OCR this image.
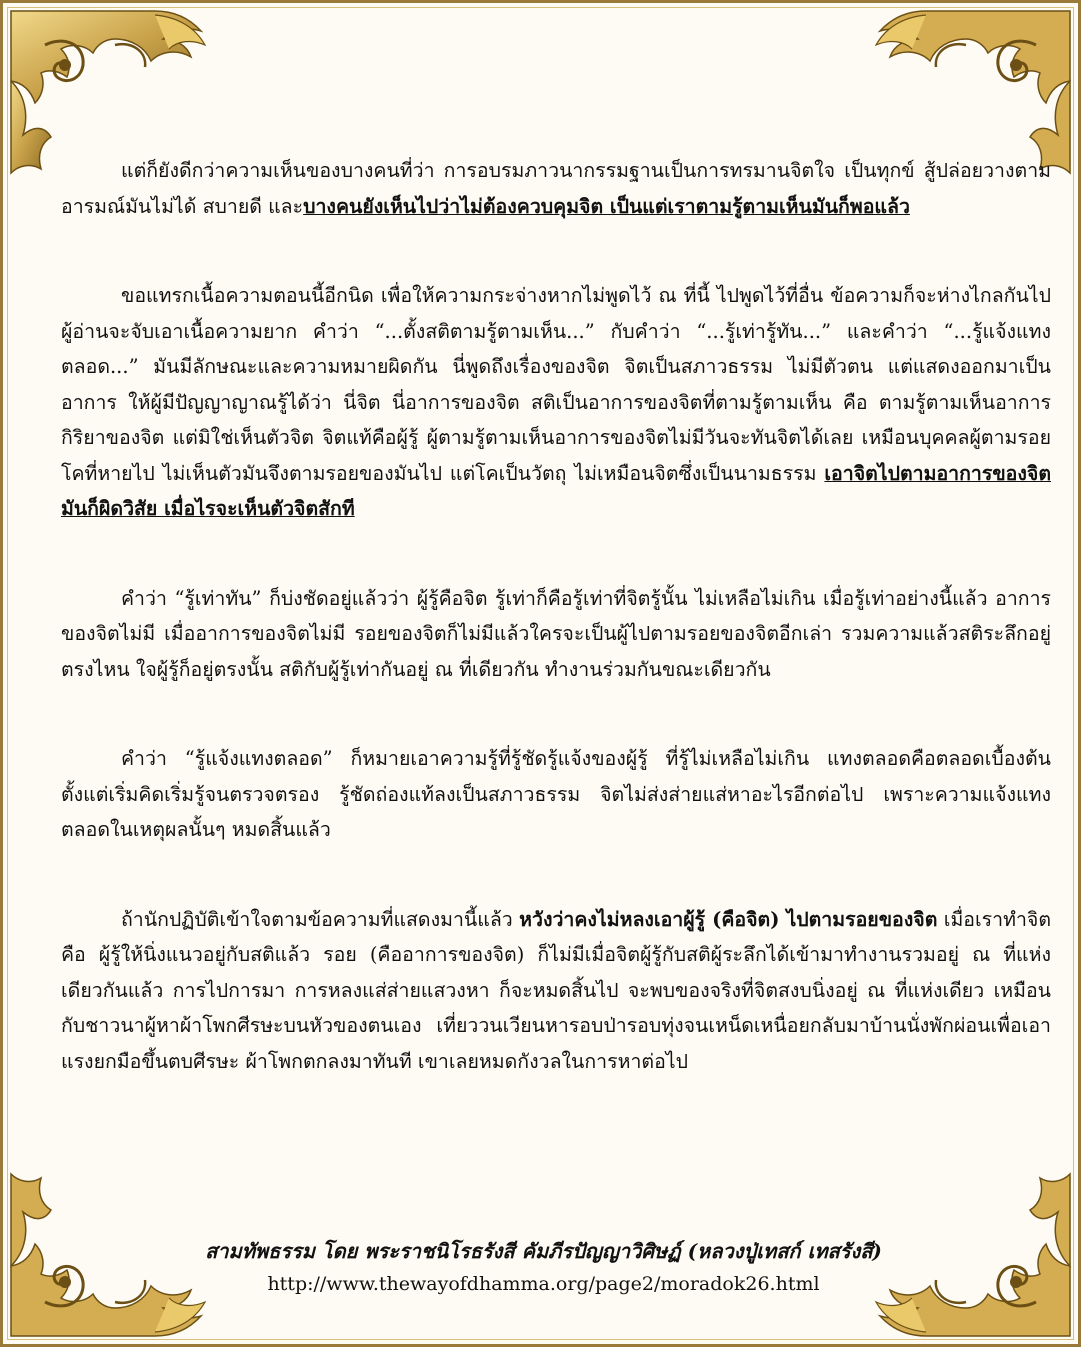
แต่ก็ยังดีกว่าความเห็นของบางคนที่ว่า การอบรมภาวนากรรมฐานเป็นการทรมานจิตใจ เป็นทุกข์ สู้ปล่อยวางตามอารมณ์มันไม่ได้ สบายดี และบางคนยังเห็นไปว่าไม่ต้องควบคุมจิต เป็นแต่เราตามรู้ตามเห็นมันก็พอแล้ว

ขอแทรกเนื้อความตอนนี้อีกนิด เพื่อให้ความกระจ่างหากไม่พูดไว้ ณ ที่นี้ ไปพูดไว้ที่อื่น ข้อความก็จะห่างไกลกันไป ผู้อ่านจะจับเอาเนื้อความยาก คำว่า “...ตั้งสติตามรู้ตามเห็น...” กับคำว่า “...รู้เท่ารู้ทัน...” และคำว่า “...รู้แจ้งแทงตลอด...” มันมีลักษณะและความหมายผิดกัน นี่พูดถึงเรื่องของจิต จิตเป็นสภาวธรรม ไม่มีตัวตน แต่แสดงออกมาเป็นอาการ ให้ผู้มีปัญญาญาณรู้ได้ว่า นี่จิต นี่อาการของจิต สติเป็นอาการของจิตที่ตามรู้ตามเห็น คือ ตามรู้ตามเห็นอาการกิริยาของจิต แต่มิใช่เห็นตัวจิต จิตแท้คือผู้รู้ ผู้ตามรู้ตามเห็นอาการของจิตไม่มีวันจะทันจิตได้เลย เหมือนบุคคลผู้ตามรอยโคที่หายไป ไม่เห็นตัวมันจึงตามรอยของมันไป แต่โคเป็นวัตถุ ไม่เหมือนจิตซึ่งเป็นนามธรรม เอาจิตไปตามอาการของจิตมันก็ผิดวิสัย เมื่อไรจะเห็นตัวจิตสักที

คำว่า “รู้เท่าทัน” ก็บ่งชัดอยู่แล้วว่า ผู้รู้คือจิต รู้เท่าก็คือรู้เท่าที่จิตรู้นั้น ไม่เหลือไม่เกิน เมื่อรู้เท่าอย่างนี้แล้ว อาการของจิตไม่มี เมื่ออาการของจิตไม่มี รอยของจิตก็ไม่มีแล้วใครจะเป็นผู้ไปตามรอยของจิตอีกเล่า รวมความแล้วสติระลึกอยู่ตรงไหน ใจผู้รู้ก็อยู่ตรงนั้น สติกับผู้รู้เท่ากันอยู่ ณ ที่เดียวกัน ทำงานร่วมกันขณะเดียวกัน

คำว่า “รู้แจ้งแทงตลอด” ก็หมายเอาความรู้ที่รู้ชัดรู้แจ้งของผู้รู้ ที่รู้ไม่เหลือไม่เกิน แทงตลอดคือตลอดเบื้องต้นตั้งแต่เริ่มคิดเริ่มรู้จนตรวจตรอง รู้ชัดถ่องแท้ลงเป็นสภาวธรรม จิตไม่ส่งส่ายแส่หาอะไรอีกต่อไป เพราะความแจ้งแทงตลอดในเหตุผลนั้นๆ หมดสิ้นแล้ว

ถ้านักปฏิบัติเข้าใจตามข้อความที่แสดงมานี้แล้ว หวังว่าคงไม่หลงเอาผู้รู้ (คือจิต) ไปตามรอยของจิต เมื่อเราทำจิตคือ ผู้รู้ให้นิ่งแนวอยู่กับสติแล้ว รอย (คืออาการของจิต) ก็ไม่มีเมื่อจิตผู้รู้กับสติผู้ระลึกได้เข้ามาทำงานรวมอยู่ ณ ที่แห่งเดียวกันแล้ว การไปการมา การหลงแส่ส่ายแสวงหา ก็จะหมดสิ้นไป จะพบของจริงที่จิตสงบนิ่งอยู่ ณ ที่แห่งเดียว เหมือนกับชาวนาผู้หาผ้าโพกศีรษะบนหัวของตนเอง เที่ยววนเวียนหารอบป่ารอบทุ่งจนเหน็ดเหนื่อยกลับมาบ้านนั่งพักผ่อนเพื่อเอาแรงยกมือขึ้นตบศีรษะ ผ้าโพกตกลงมาทันที เขาเลยหมดกังวลในการหาต่อไป

สามทัพธรรม โดย พระราชนิโรธรังสี คัมภีรปัญญาวิศิษฏ์ (หลวงปู่เทสก์ เทสรังสี)
http://www.thewayofdhamma.org/page2/moradok26.html
